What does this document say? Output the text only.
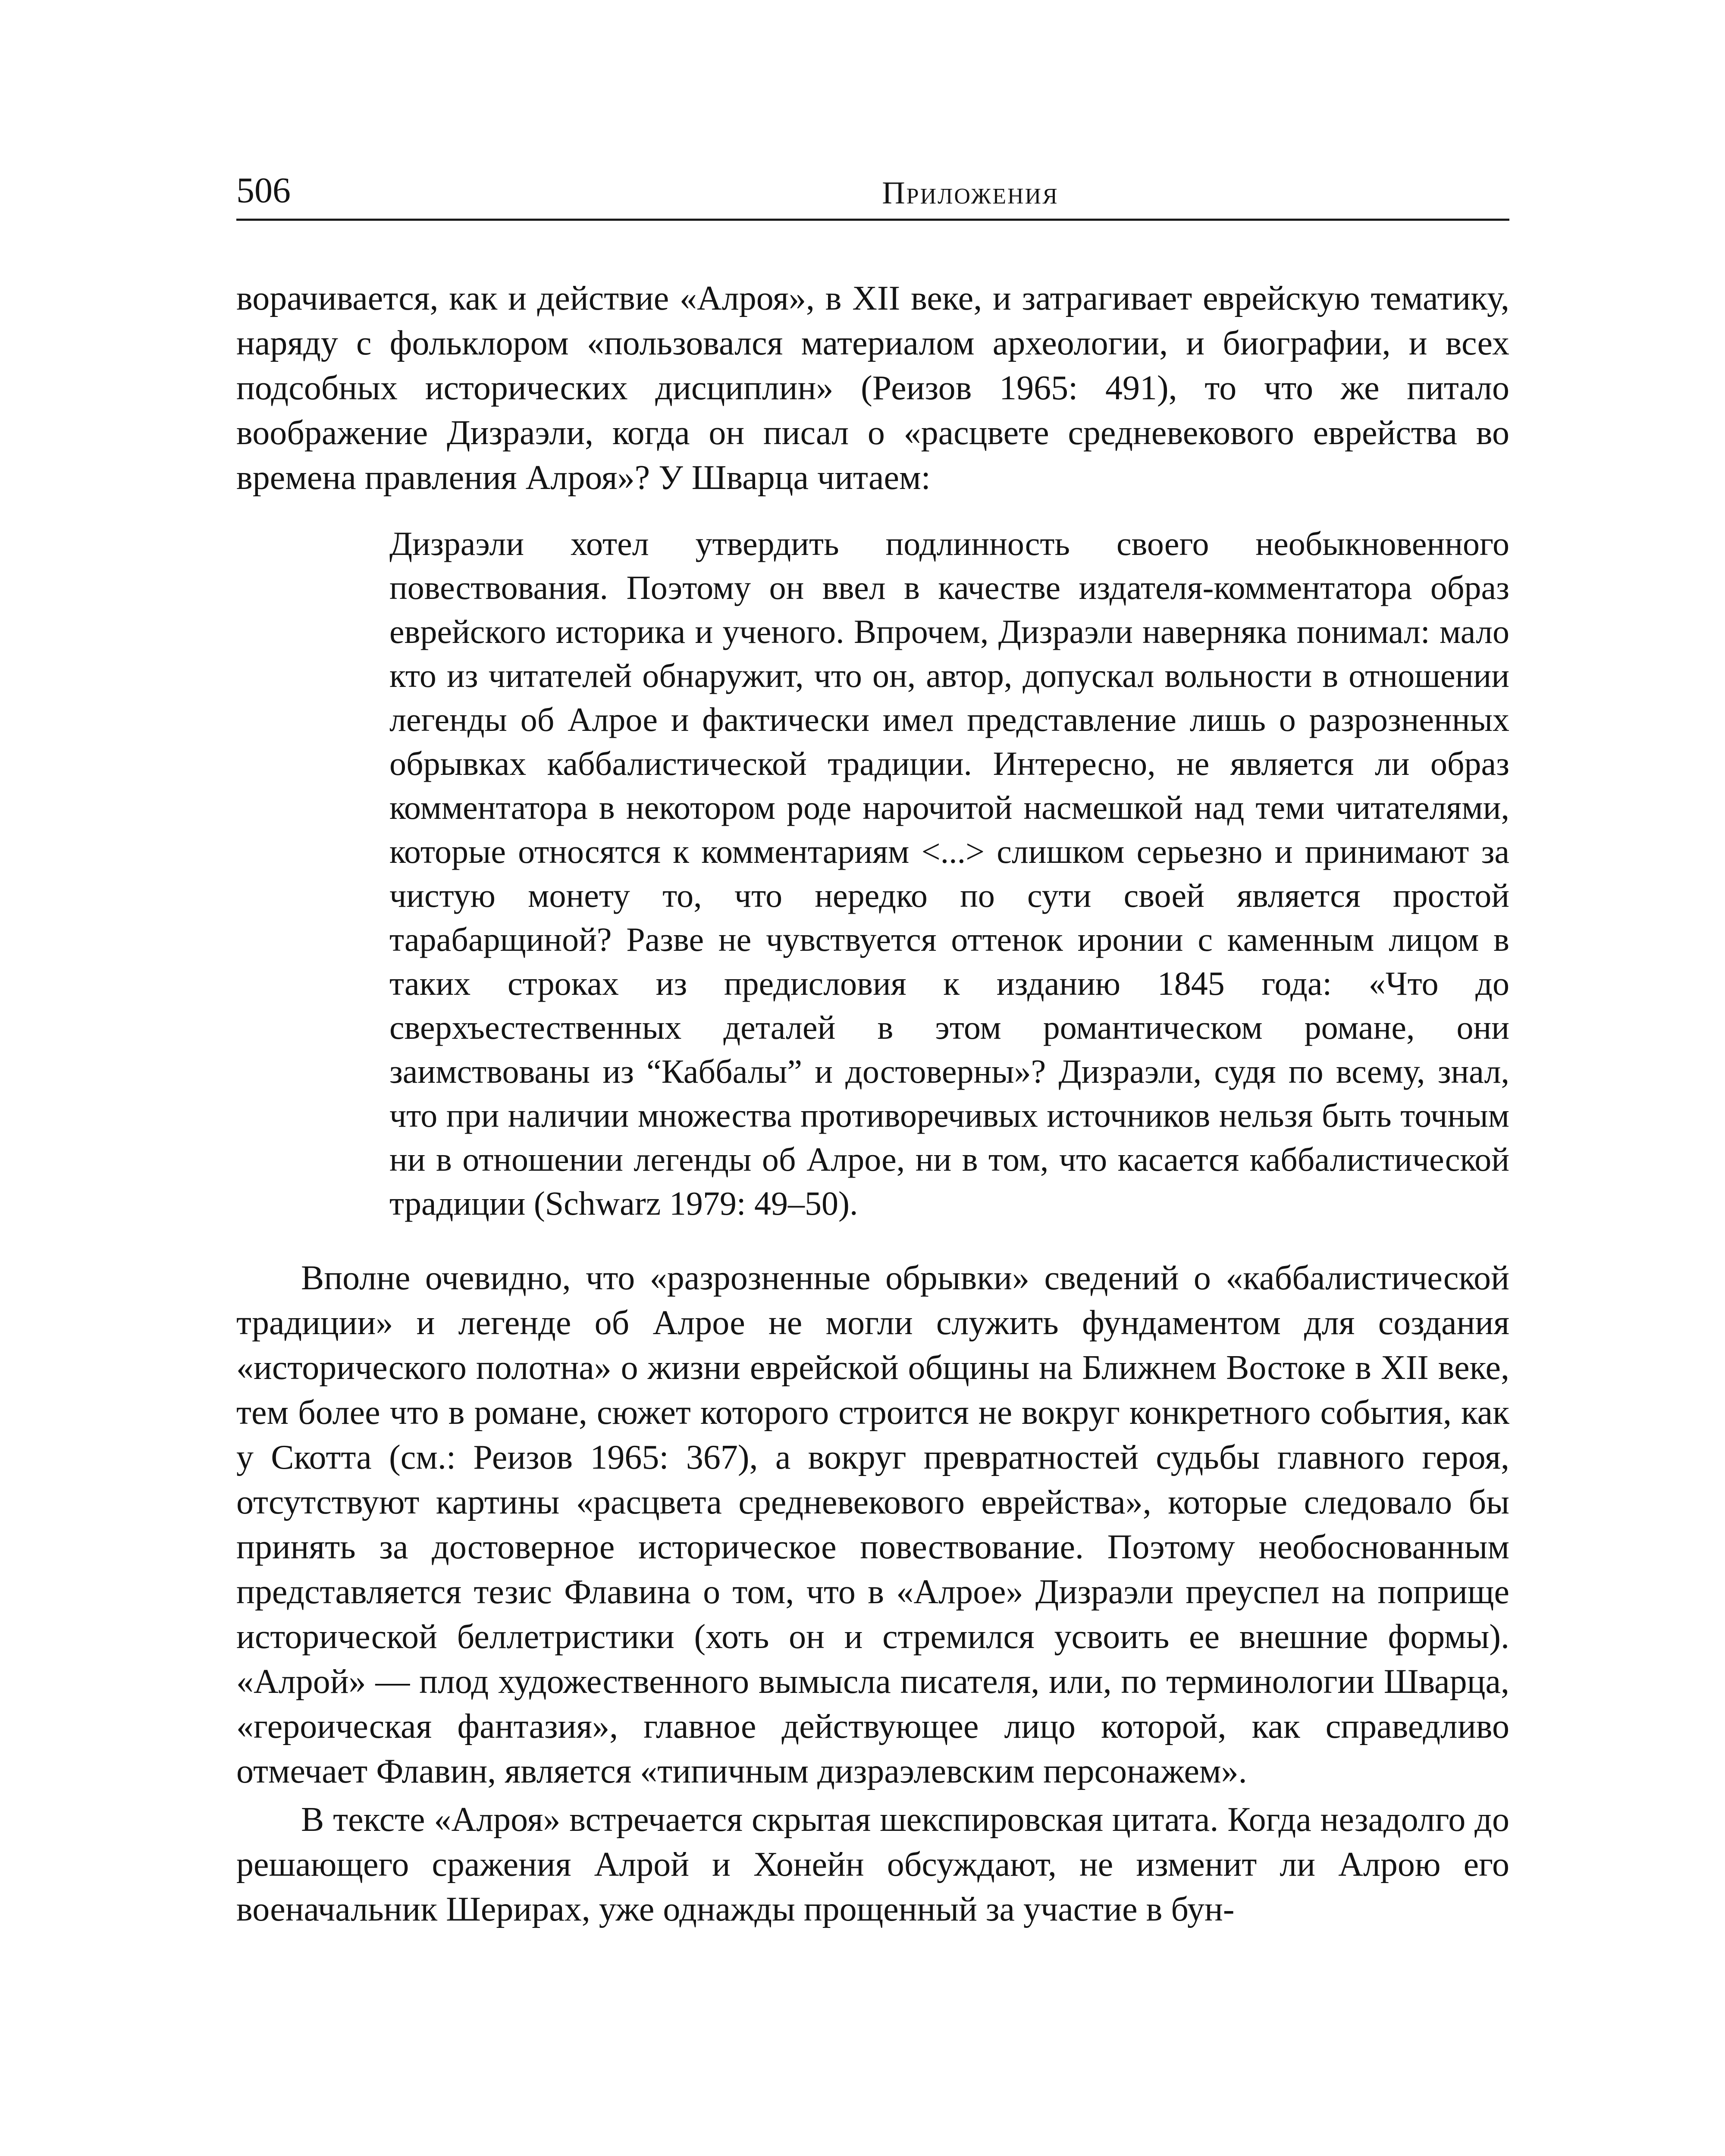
506	Приложения

ворачивается, как и действие «Алроя», в XII веке, и затрагивает еврейскую тематику, наряду с фольклором «пользовался материалом археологии, и биографии, и всех подсобных исторических дисциплин» (Реизов 1965: 491), то что же питало воображение Дизраэли, когда он писал о «расцвете средневекового еврейства во времена правления Алроя»? У Шварца читаем:

Дизраэли хотел утвердить подлинность своего необыкновенного повествования. Поэтому он ввел в качестве издателя-комментатора образ еврейского историка и ученого. Впрочем, Дизраэли наверняка понимал: мало кто из читателей обнаружит, что он, автор, допускал вольности в отношении легенды об Алрое и фактически имел представление лишь о разрозненных обрывках каббалистической традиции. Интересно, не является ли образ комментатора в некотором роде нарочитой насмешкой над теми читателями, которые относятся к комментариям <...> слишком серьезно и принимают за чистую монету то, что нередко по сути своей является простой тарабарщиной? Разве не чувствуется оттенок иронии с каменным лицом в таких строках из предисловия к изданию 1845 года: «Что до сверхъестественных деталей в этом романтическом романе, они заимствованы из “Каббалы” и достоверны»? Дизраэли, судя по всему, знал, что при наличии множества противоречивых источников нельзя быть точным ни в отношении легенды об Алрое, ни в том, что касается каббалистической традиции (Schwarz 1979: 49–50).

Вполне очевидно, что «разрозненные обрывки» сведений о «каббалистической традиции» и легенде об Алрое не могли служить фундаментом для создания «исторического полотна» о жизни еврейской общины на Ближнем Востоке в XII веке, тем более что в романе, сюжет которого строится не вокруг конкретного события, как у Скотта (см.: Реизов 1965: 367), а вокруг превратностей судьбы главного героя, отсутствуют картины «расцвета средневекового еврейства», которые следовало бы принять за достоверное историческое повествование. Поэтому необоснованным представляется тезис Флавина о том, что в «Алрое» Дизраэли преуспел на поприще исторической беллетристики (хоть он и стремился усвоить ее внешние формы). «Алрой» — плод художественного вымысла писателя, или, по терминологии Шварца, «героическая фантазия», главное действующее лицо которой, как справедливо отмечает Флавин, является «типичным дизраэлевским персонажем».

В тексте «Алроя» встречается скрытая шекспировская цитата. Когда незадолго до решающего сражения Алрой и Хонейн обсуждают, не изменит ли Алрою его военачальник Шерирах, уже однажды прощенный за участие в бун-
